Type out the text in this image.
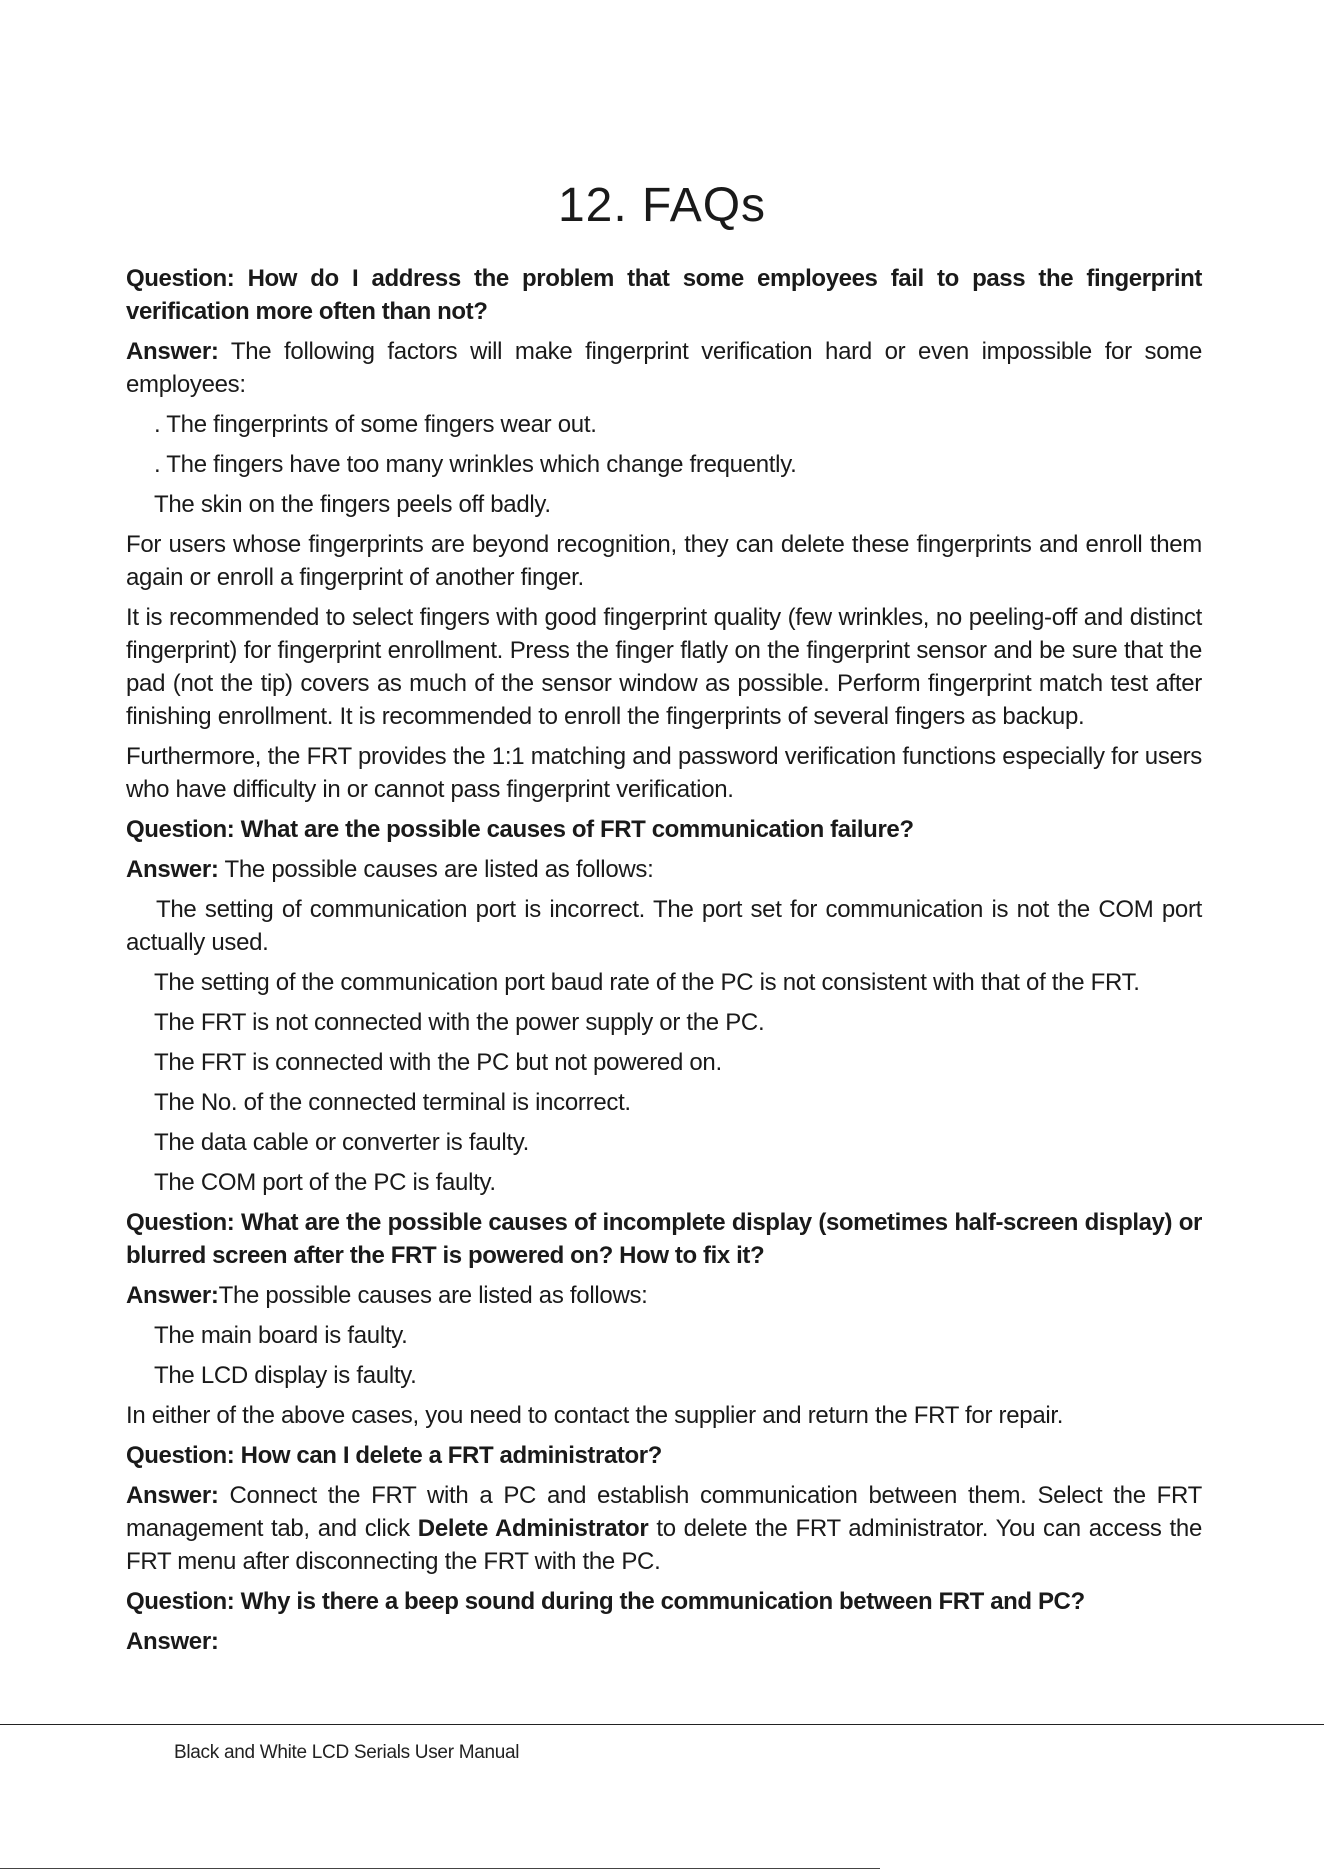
12. FAQs

Question: How do I address the problem that some employees fail to pass the fingerprint verification more often than not?

Answer: The following factors will make fingerprint verification hard or even impossible for some employees:

. The fingerprints of some fingers wear out.

. The fingers have too many wrinkles which change frequently.

The skin on the fingers peels off badly.

For users whose fingerprints are beyond recognition, they can delete these fingerprints and enroll them again or enroll a fingerprint of another finger.

It is recommended to select fingers with good fingerprint quality (few wrinkles, no peeling-off and distinct fingerprint) for fingerprint enrollment. Press the finger flatly on the fingerprint sensor and be sure that the pad (not the tip) covers as much of the sensor window as possible. Perform fingerprint match test after finishing enrollment. It is recommended to enroll the fingerprints of several fingers as backup.

Furthermore, the FRT provides the 1:1 matching and password verification functions especially for users who have difficulty in or cannot pass fingerprint verification.

Question: What are the possible causes of FRT communication failure?

Answer: The possible causes are listed as follows:

The setting of communication port is incorrect. The port set for communication is not the COM port actually used.

The setting of the communication port baud rate of the PC is not consistent with that of the FRT.

The FRT is not connected with the power supply or the PC.

The FRT is connected with the PC but not powered on.

The No. of the connected terminal is incorrect.

The data cable or converter is faulty.

The COM port of the PC is faulty.

Question: What are the possible causes of incomplete display (sometimes half-screen display) or blurred screen after the FRT is powered on? How to fix it?

Answer:The possible causes are listed as follows:

The main board is faulty.

The LCD display is faulty.

In either of the above cases, you need to contact the supplier and return the FRT for repair.

Question: How can I delete a FRT administrator?

Answer: Connect the FRT with a PC and establish communication between them. Select the FRT management tab, and click Delete Administrator to delete the FRT administrator. You can access the FRT menu after disconnecting the FRT with the PC.

Question: Why is there a beep sound during the communication between FRT and PC?

Answer:

Black and White LCD Serials User Manual
